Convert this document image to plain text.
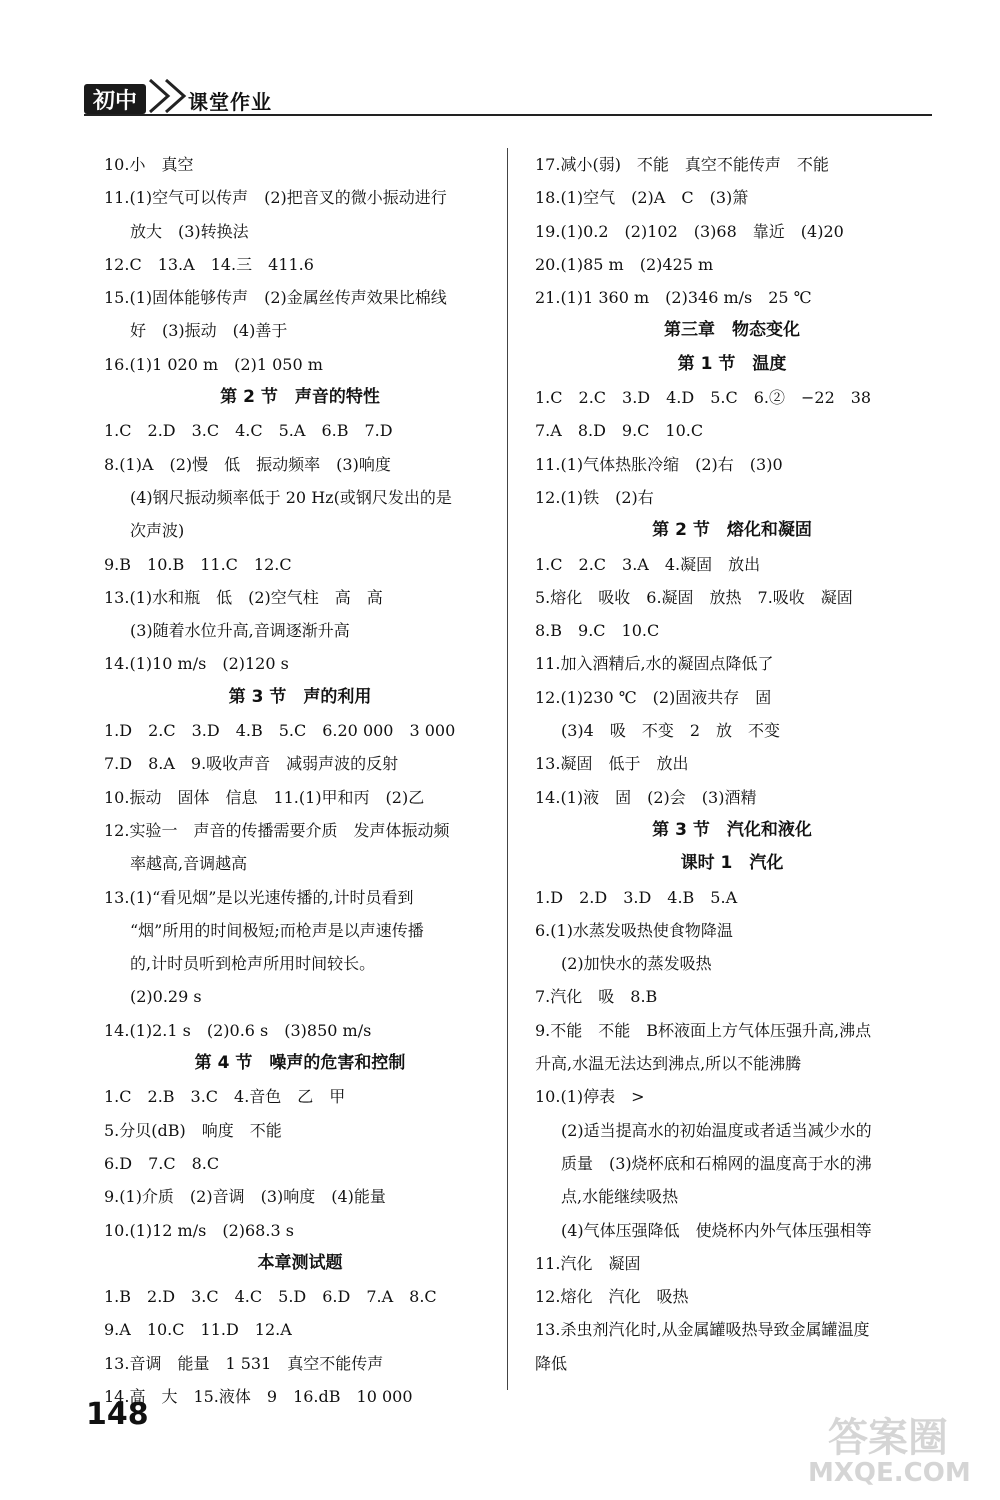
初中	课堂作业
10.小　真空
11.(1)空气可以传声　(2)把音叉的微小振动进行
放大　(3)转换法
12.C　13.A　14.三　411.6
15.(1)固体能够传声　(2)金属丝传声效果比棉线
好　(3)振动　(4)善于
16.(1)1 020 m　(2)1 050 m
第 2 节　声音的特性
1.C　2.D　3.C　4.C　5.A　6.B　7.D
8.(1)A　(2)慢　低　振动频率　(3)响度
(4)钢尺振动频率低于 20 Hz(或钢尺发出的是
次声波)
9.B　10.B　11.C　12.C
13.(1)水和瓶　低　(2)空气柱　高　高
(3)随着水位升高,音调逐渐升高
14.(1)10 m/s　(2)120 s
第 3 节　声的利用
1.D　2.C　3.D　4.B　5.C　6.20 000　3 000
7.D　8.A　9.吸收声音　减弱声波的反射
10.振动　固体　信息　11.(1)甲和丙　(2)乙
12.实验一　声音的传播需要介质　发声体振动频
率越高,音调越高
13.(1)“看见烟”是以光速传播的,计时员看到
“烟”所用的时间极短;而枪声是以声速传播
的,计时员听到枪声所用时间较长。
(2)0.29 s
14.(1)2.1 s　(2)0.6 s　(3)850 m/s
第 4 节　噪声的危害和控制
1.C　2.B　3.C　4.音色　乙　甲
5.分贝(dB)　响度　不能
6.D　7.C　8.C
9.(1)介质　(2)音调　(3)响度　(4)能量
10.(1)12 m/s　(2)68.3 s
本章测试题
1.B　2.D　3.C　4.C　5.D　6.D　7.A　8.C
9.A　10.C　11.D　12.A
13.音调　能量　1 531　真空不能传声
14.高　大　15.液体　9　16.dB　10 000
17.减小(弱)　不能　真空不能传声　不能
18.(1)空气　(2)A　C　(3)箫
19.(1)0.2　(2)102　(3)68　靠近　(4)20
20.(1)85 m　(2)425 m
21.(1)1 360 m　(2)346 m/s　25 ℃
第三章　物态变化
第 1 节　温度
1.C　2.C　3.D　4.D　5.C　6.②　−22　38
7.A　8.D　9.C　10.C
11.(1)气体热胀冷缩　(2)右　(3)0
12.(1)铁　(2)右
第 2 节　熔化和凝固
1.C　2.C　3.A　4.凝固　放出
5.熔化　吸收　6.凝固　放热　7.吸收　凝固
8.B　9.C　10.C
11.加入酒精后,水的凝固点降低了
12.(1)230 ℃　(2)固液共存　固
(3)4　吸　不变　2　放　不变
13.凝固　低于　放出
14.(1)液　固　(2)会　(3)酒精
第 3 节　汽化和液化
课时 1　汽化
1.D　2.D　3.D　4.B　5.A
6.(1)水蒸发吸热使食物降温
(2)加快水的蒸发吸热
7.汽化　吸　8.B
9.不能　不能　B杯液面上方气体压强升高,沸点
升高,水温无法达到沸点,所以不能沸腾
10.(1)停表　>
(2)适当提高水的初始温度或者适当减少水的
质量　(3)烧杯底和石棉网的温度高于水的沸
点,水能继续吸热
(4)气体压强降低　使烧杯内外气体压强相等
11.汽化　凝固
12.熔化　汽化　吸热
13.杀虫剂汽化时,从金属罐吸热导致金属罐温度
降低
148
答案圈
MXQE.COM
